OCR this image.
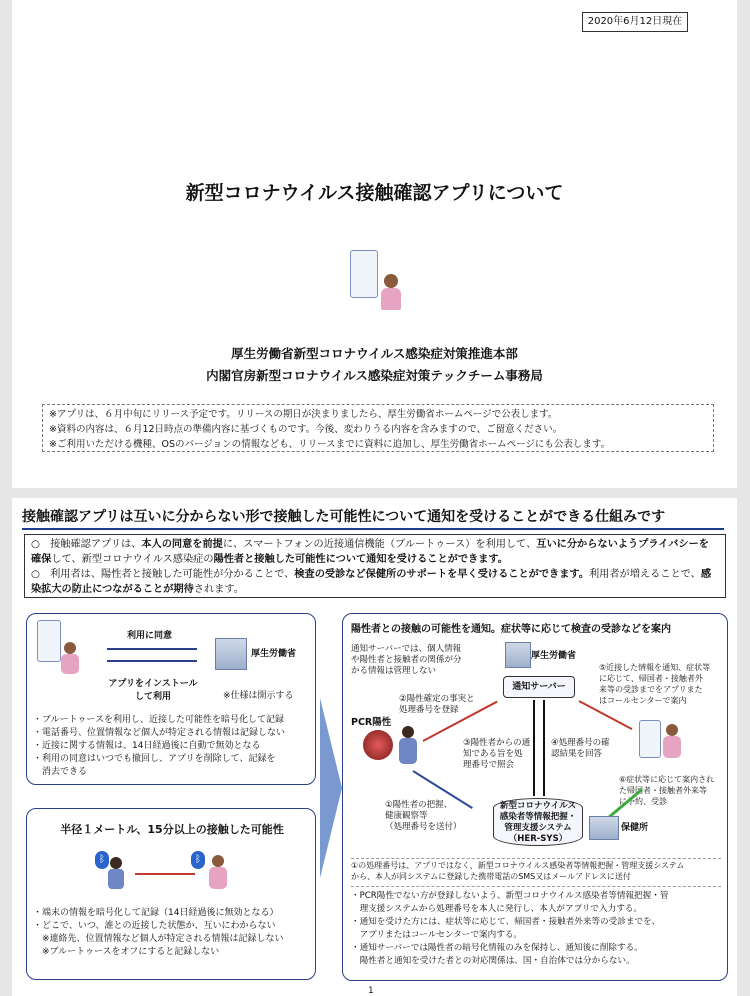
2020年6月12日現在
新型コロナウイルス接触確認アプリについて
厚生労働省新型コロナウイルス感染症対策推進本部
内閣官房新型コロナウイルス感染症対策テックチーム事務局
※アプリは、６月中旬にリリース予定です。リリースの期日が決まりましたら、厚生労働省ホームページで公表します。
※資料の内容は、６月12日時点の準備内容に基づくものです。今後、変わりうる内容を含みますので、ご留意ください。
※ご利用いただける機種、OSのバージョンの情報なども、リリースまでに資料に追加し、厚生労働省ホームページにも公表します。
接触確認アプリは互いに分からない形で接触した可能性について通知を受けることができる仕組みです
○　接触確認アプリは、本人の同意を前提に、スマートフォンの近接通信機能（ブルートゥース）を利用して、互いに分からないようプライバシーを確保して、新型コロナウイルス感染症の陽性者と接触した可能性について通知を受けることができます。
○　利用者は、陽性者と接触した可能性が分かることで、検査の受診など保健所のサポートを早く受けることができます。利用者が増えることで、感染拡大の防止につながることが期待されます。
利用に同意
厚生労働省
アプリをインストール
して利用	※仕様は開示する
・ブルートゥースを利用し、近接した可能性を暗号化して記録
・電話番号、位置情報など個人が特定される情報は記録しない
・近接に関する情報は、14日経過後に自動で無効となる
・利用の同意はいつでも撤回し、アプリを削除して、記録を
　消去できる
半径１メートル、15分以上の接触した可能性
ᛒ	ᛒ
・端末の情報を暗号化して記録（14日経過後に無効となる）
・どこで、いつ、誰との近接した状態か、互いにわからない
　※連絡先、位置情報など個人が特定される情報は記録しない
　※ブルートゥースをオフにすると記録しない
陽性者との接触の可能性を通知。症状等に応じて検査の受診などを案内
通知サーバーでは、個人情報
や陽性者と接触者の関係が分
かる情報は管理しない
厚生労働省
通知サーバー
⑤近接した情報を通知、症状等
に応じて、帰国者・接触者外
来等の受診までをアプリまた
はコールセンターで案内
②陽性確定の事実と
処理番号を登録
PCR陽性
③陽性者からの通
知である旨を処
理番号で照会
④処理番号の確
認結果を回答
⑥症状等に応じて案内され
た帰国者・接触者外来等
に予約、受診
①陽性者の把握、
健康観察等
（処理番号を送付）
新型コロナウイルス
感染者等情報把握・
管理支援システム
（HER-SYS）
保健所
①の処理番号は、アプリではなく、新型コロナウイルス感染者等情報把握・管理支援システム
から、本人が同システムに登録した携帯電話のSMS又はメールアドレスに送付
・PCR陽性でない方が登録しないよう、新型コロナウイルス感染者等情報把握・管
　理支援システムから処理番号を本人に発行し、本人がアプリで入力する。
・通知を受けた方には、症状等に応じて、帰国者・接触者外来等の受診までを、
　アプリまたはコールセンターで案内する。
・通知サーバーでは陽性者の暗号化情報のみを保持し、通知後に削除する。
　陽性者と通知を受けた者との対応関係は、国・自治体では分からない。
1
